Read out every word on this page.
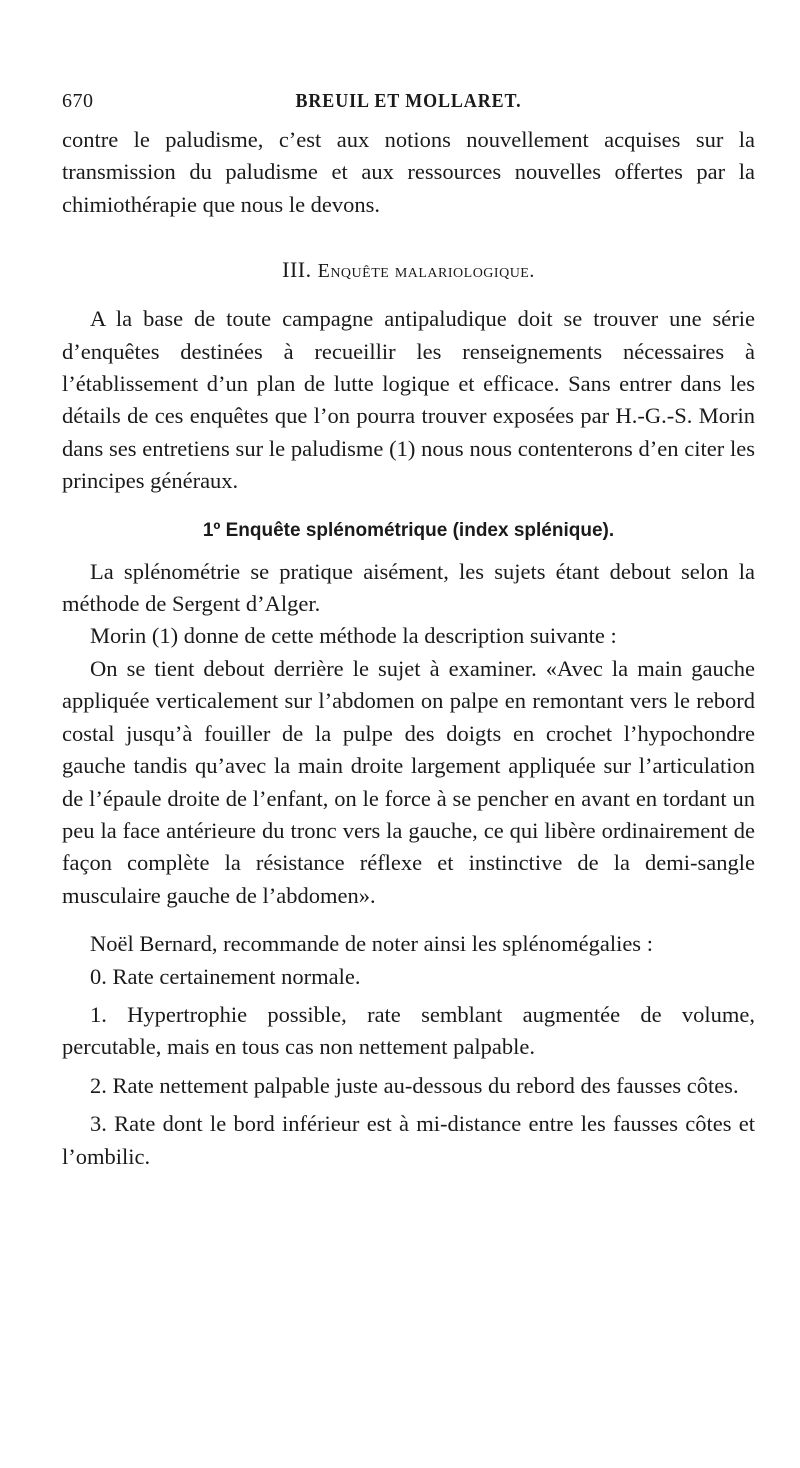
670	BREUIL ET MOLLARET.

contre le paludisme, c’est aux notions nouvellement acquises sur la transmission du paludisme et aux ressources nouvelles offertes par la chimiothérapie que nous le devons.

III. Enquête malariologique.

A la base de toute campagne antipaludique doit se trouver une série d’enquêtes destinées à recueillir les renseignements nécessaires à l’établissement d’un plan de lutte logique et efficace. Sans entrer dans les détails de ces enquêtes que l’on pourra trouver exposées par H.-G.-S. Morin dans ses entretiens sur le paludisme (1) nous nous contenterons d’en citer les principes généraux.

1º Enquête splénométrique (index splénique).

La splénométrie se pratique aisément, les sujets étant debout selon la méthode de Sergent d’Alger.

Morin (1) donne de cette méthode la description suivante :

On se tient debout derrière le sujet à examiner. «Avec la main gauche appliquée verticalement sur l’abdomen on palpe en remontant vers le rebord costal jusqu’à fouiller de la pulpe des doigts en crochet l’hypochondre gauche tandis qu’avec la main droite largement appliquée sur l’articulation de l’épaule droite de l’enfant, on le force à se pencher en avant en tordant un peu la face antérieure du tronc vers la gauche, ce qui libère ordinairement de façon complète la résistance réflexe et instinctive de la demi-sangle musculaire gauche de l’abdomen».

Noël Bernard, recommande de noter ainsi les splénomégalies :

0. Rate certainement normale.

1. Hypertrophie possible, rate semblant augmentée de volume, percutable, mais en tous cas non nettement palpable.

2. Rate nettement palpable juste au-dessous du rebord des fausses côtes.

3. Rate dont le bord inférieur est à mi-distance entre les fausses côtes et l’ombilic.
